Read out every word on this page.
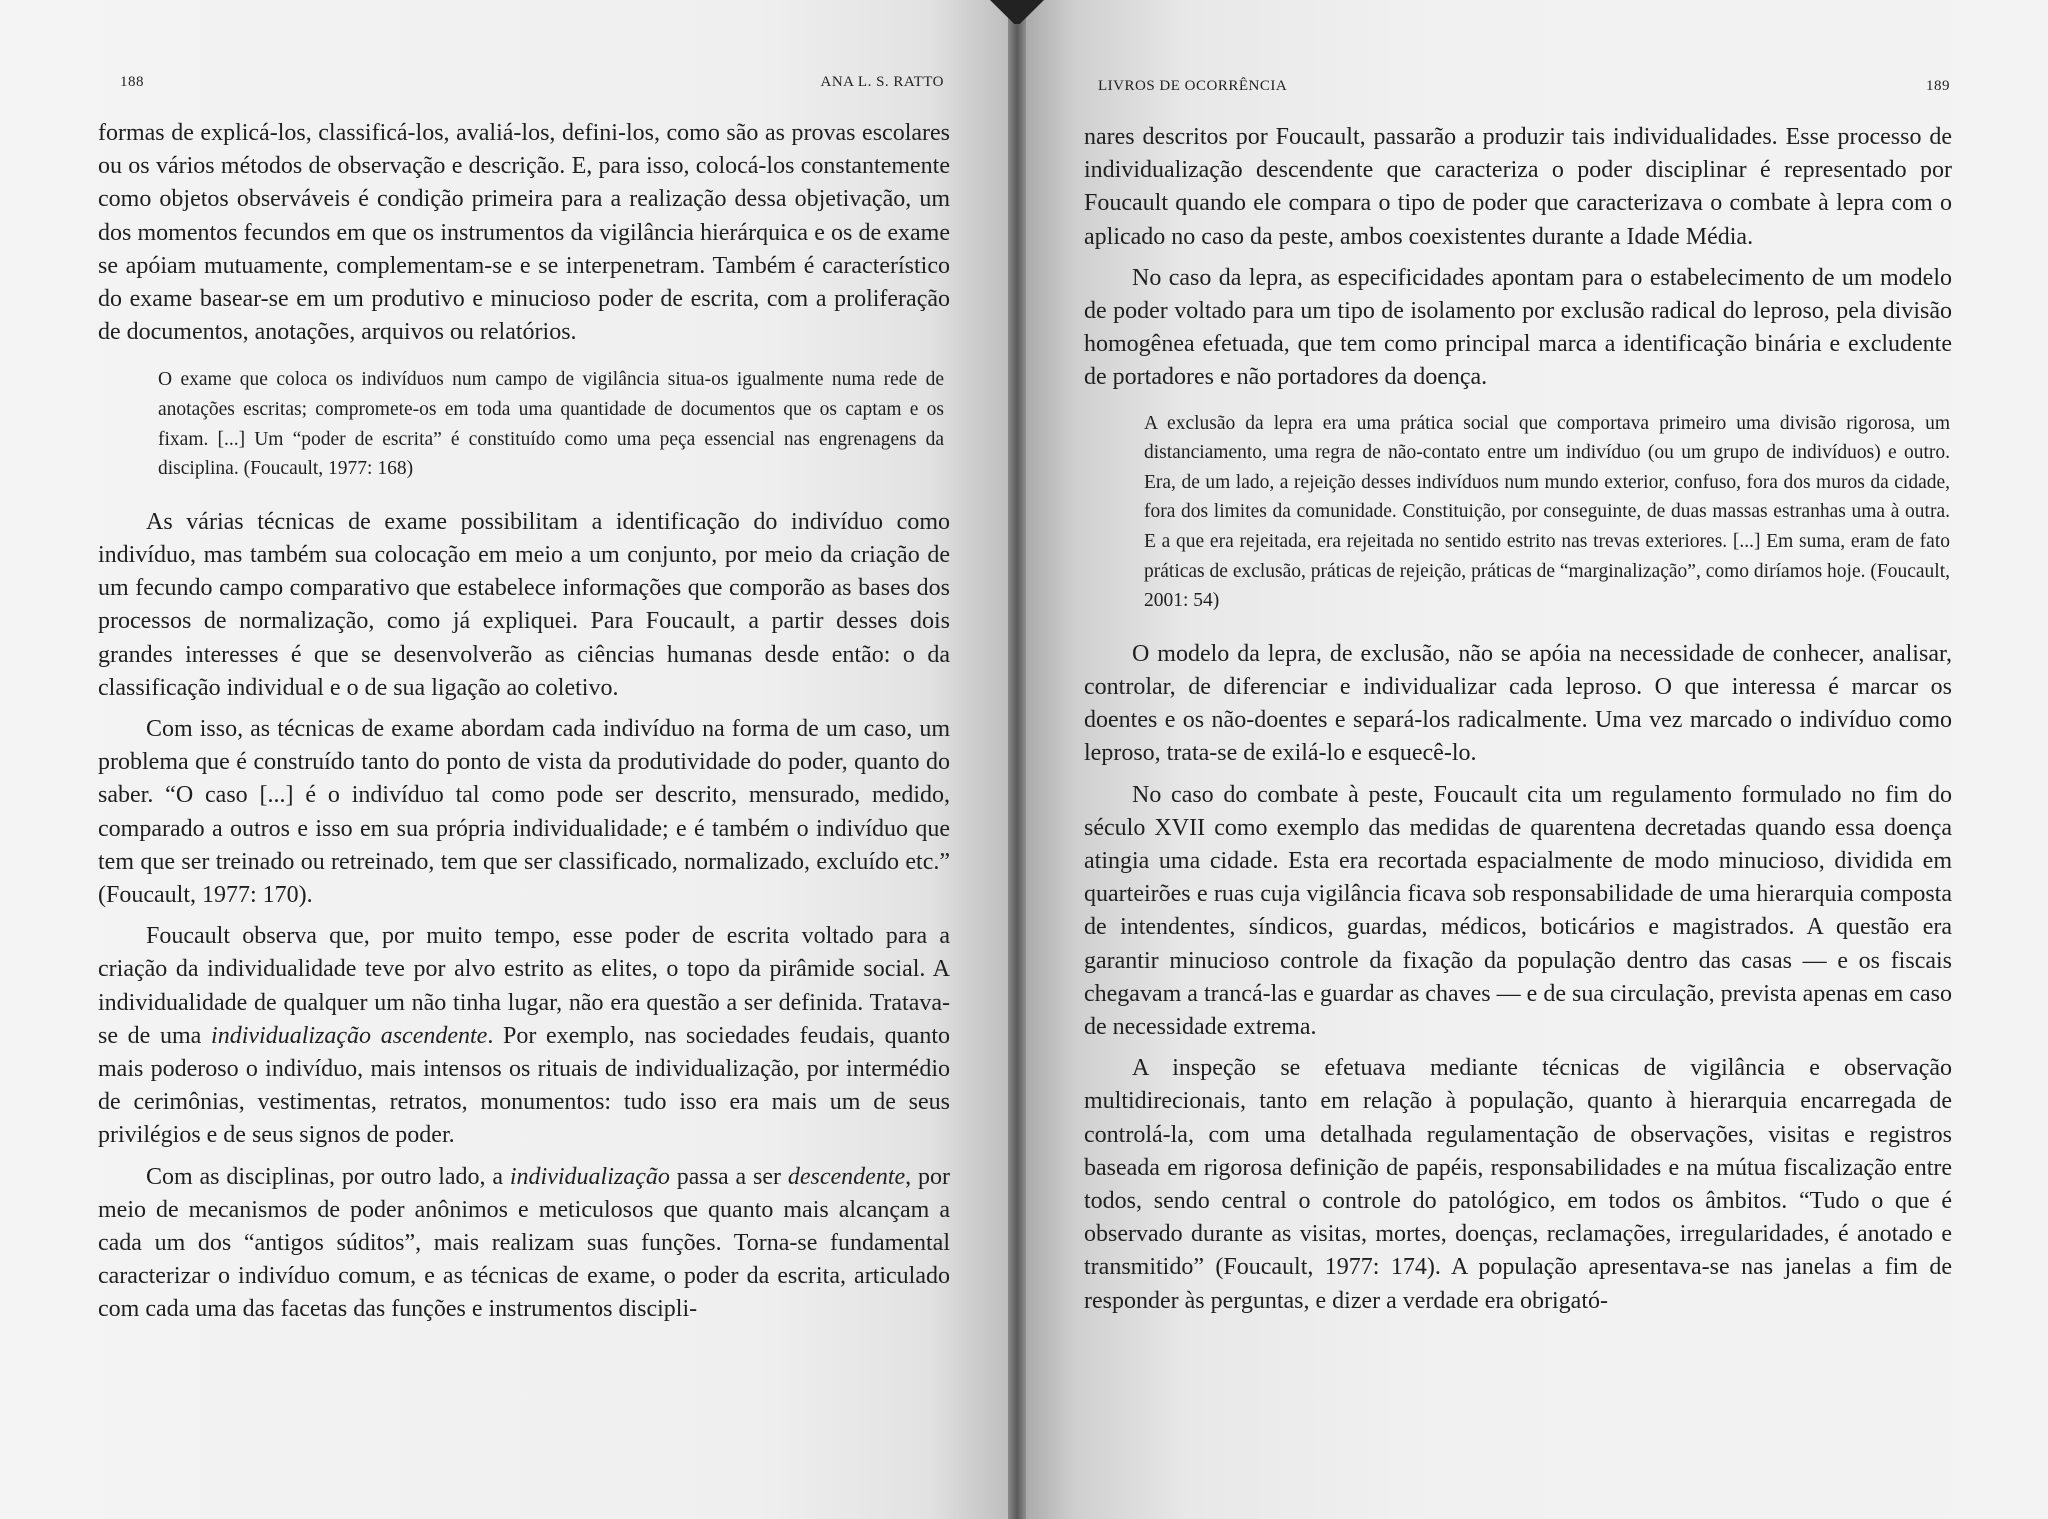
188	ANA L. S. RATTO

formas de explicá-los, classificá-los, avaliá-los, defini-los, como são as provas escolares ou os vários métodos de observação e descrição. E, para isso, colocá-los constantemente como objetos observáveis é condição primeira para a realização dessa objetivação, um dos momentos fecundos em que os instrumentos da vigilância hierárquica e os de exame se apóiam mutuamente, complementam-se e se interpenetram. Também é característico do exame basear-se em um produtivo e minucioso poder de escrita, com a proliferação de documentos, anotações, arquivos ou relatórios.

O exame que coloca os indivíduos num campo de vigilância situa-os igualmente numa rede de anotações escritas; compromete-os em toda uma quantidade de documentos que os captam e os fixam. [...] Um “poder de escrita” é constituído como uma peça essencial nas engrenagens da disciplina. (Foucault, 1977: 168)

As várias técnicas de exame possibilitam a identificação do indivíduo como indivíduo, mas também sua colocação em meio a um conjunto, por meio da criação de um fecundo campo comparativo que estabelece informações que comporão as bases dos processos de normalização, como já expliquei. Para Foucault, a partir desses dois grandes interesses é que se desenvolverão as ciências humanas desde então: o da classificação individual e o de sua ligação ao coletivo.

Com isso, as técnicas de exame abordam cada indivíduo na forma de um caso, um problema que é construído tanto do ponto de vista da produtividade do poder, quanto do saber. “O caso [...] é o indivíduo tal como pode ser descrito, mensurado, medido, comparado a outros e isso em sua própria individualidade; e é também o indivíduo que tem que ser treinado ou retreinado, tem que ser classificado, normalizado, excluído etc.” (Foucault, 1977: 170).

Foucault observa que, por muito tempo, esse poder de escrita voltado para a criação da individualidade teve por alvo estrito as elites, o topo da pirâmide social. A individualidade de qualquer um não tinha lugar, não era questão a ser definida. Tratava-se de uma individualização ascendente. Por exemplo, nas sociedades feudais, quanto mais poderoso o indivíduo, mais intensos os rituais de individualização, por intermédio de cerimônias, vestimentas, retratos, monumentos: tudo isso era mais um de seus privilégios e de seus signos de poder.

Com as disciplinas, por outro lado, a individualização passa a ser descendente, por meio de mecanismos de poder anônimos e meticulosos que quanto mais alcançam a cada um dos “antigos súditos”, mais realizam suas funções. Torna-se fundamental caracterizar o indivíduo comum, e as técnicas de exame, o poder da escrita, articulado com cada uma das facetas das funções e instrumentos discipli-

LIVROS DE OCORRÊNCIA	189

nares descritos por Foucault, passarão a produzir tais individualidades. Esse processo de individualização descendente que caracteriza o poder disciplinar é representado por Foucault quando ele compara o tipo de poder que caracterizava o combate à lepra com o aplicado no caso da peste, ambos coexistentes durante a Idade Média.

No caso da lepra, as especificidades apontam para o estabelecimento de um modelo de poder voltado para um tipo de isolamento por exclusão radical do leproso, pela divisão homogênea efetuada, que tem como principal marca a identificação binária e excludente de portadores e não portadores da doença.

A exclusão da lepra era uma prática social que comportava primeiro uma divisão rigorosa, um distanciamento, uma regra de não-contato entre um indivíduo (ou um grupo de indivíduos) e outro. Era, de um lado, a rejeição desses indivíduos num mundo exterior, confuso, fora dos muros da cidade, fora dos limites da comunidade. Constituição, por conseguinte, de duas massas estranhas uma à outra. E a que era rejeitada, era rejeitada no sentido estrito nas trevas exteriores. [...] Em suma, eram de fato práticas de exclusão, práticas de rejeição, práticas de “marginalização”, como diríamos hoje. (Foucault, 2001: 54)

O modelo da lepra, de exclusão, não se apóia na necessidade de conhecer, analisar, controlar, de diferenciar e individualizar cada leproso. O que interessa é marcar os doentes e os não-doentes e separá-los radicalmente. Uma vez marcado o indivíduo como leproso, trata-se de exilá-lo e esquecê-lo.

No caso do combate à peste, Foucault cita um regulamento formulado no fim do século XVII como exemplo das medidas de quarentena decretadas quando essa doença atingia uma cidade. Esta era recortada espacialmente de modo minucioso, dividida em quarteirões e ruas cuja vigilância ficava sob responsabilidade de uma hierarquia composta de intendentes, síndicos, guardas, médicos, boticários e magistrados. A questão era garantir minucioso controle da fixação da população dentro das casas — e os fiscais chegavam a trancá-las e guardar as chaves — e de sua circulação, prevista apenas em caso de necessidade extrema.

A inspeção se efetuava mediante técnicas de vigilância e observação multidirecionais, tanto em relação à população, quanto à hierarquia encarregada de controlá-la, com uma detalhada regulamentação de observações, visitas e registros baseada em rigorosa definição de papéis, responsabilidades e na mútua fiscalização entre todos, sendo central o controle do patológico, em todos os âmbitos. “Tudo o que é observado durante as visitas, mortes, doenças, reclamações, irregularidades, é anotado e transmitido” (Foucault, 1977: 174). A população apresentava-se nas janelas a fim de responder às perguntas, e dizer a verdade era obrigató-
